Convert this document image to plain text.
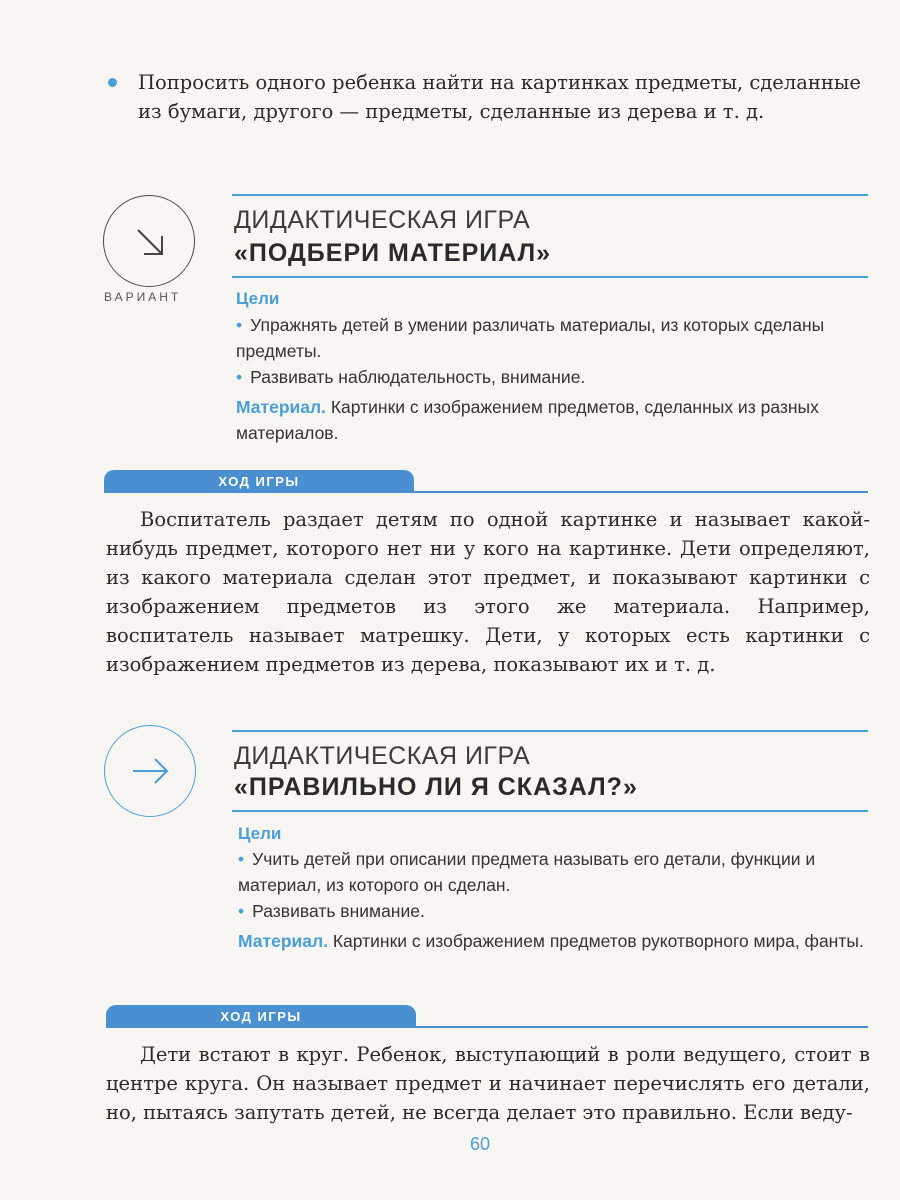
Попросить одного ребенка найти на картинках предметы, сделанные из бумаги, другого — предметы, сделанные из дерева и т. д.
ВАРИАНТ
ДИДАКТИЧЕСКАЯ ИГРА
«ПОДБЕРИ МАТЕРИАЛ»
Цели
• Упражнять детей в умении различать материалы, из которых сделаны предметы.
• Развивать наблюдательность, внимание.
Материал. Картинки с изображением предметов, сделанных из разных материалов.
ХОД ИГРЫ
Воспитатель раздает детям по одной картинке и называет какой-нибудь предмет, которого нет ни у кого на картинке. Дети определяют, из какого материала сделан этот предмет, и показывают картинки с изображением предметов из этого же материала. Например, воспитатель называет матрешку. Дети, у которых есть картинки с изображением предметов из дерева, показывают их и т. д.
ДИДАКТИЧЕСКАЯ ИГРА
«ПРАВИЛЬНО ЛИ Я СКАЗАЛ?»
Цели
• Учить детей при описании предмета называть его детали, функции и материал, из которого он сделан.
• Развивать внимание.
Материал. Картинки с изображением предметов рукотворного мира, фанты.
ХОД ИГРЫ
Дети встают в круг. Ребенок, выступающий в роли ведущего, стоит в центре круга. Он называет предмет и начинает перечислять его детали, но, пытаясь запутать детей, не всегда делает это правильно. Если веду-
60
